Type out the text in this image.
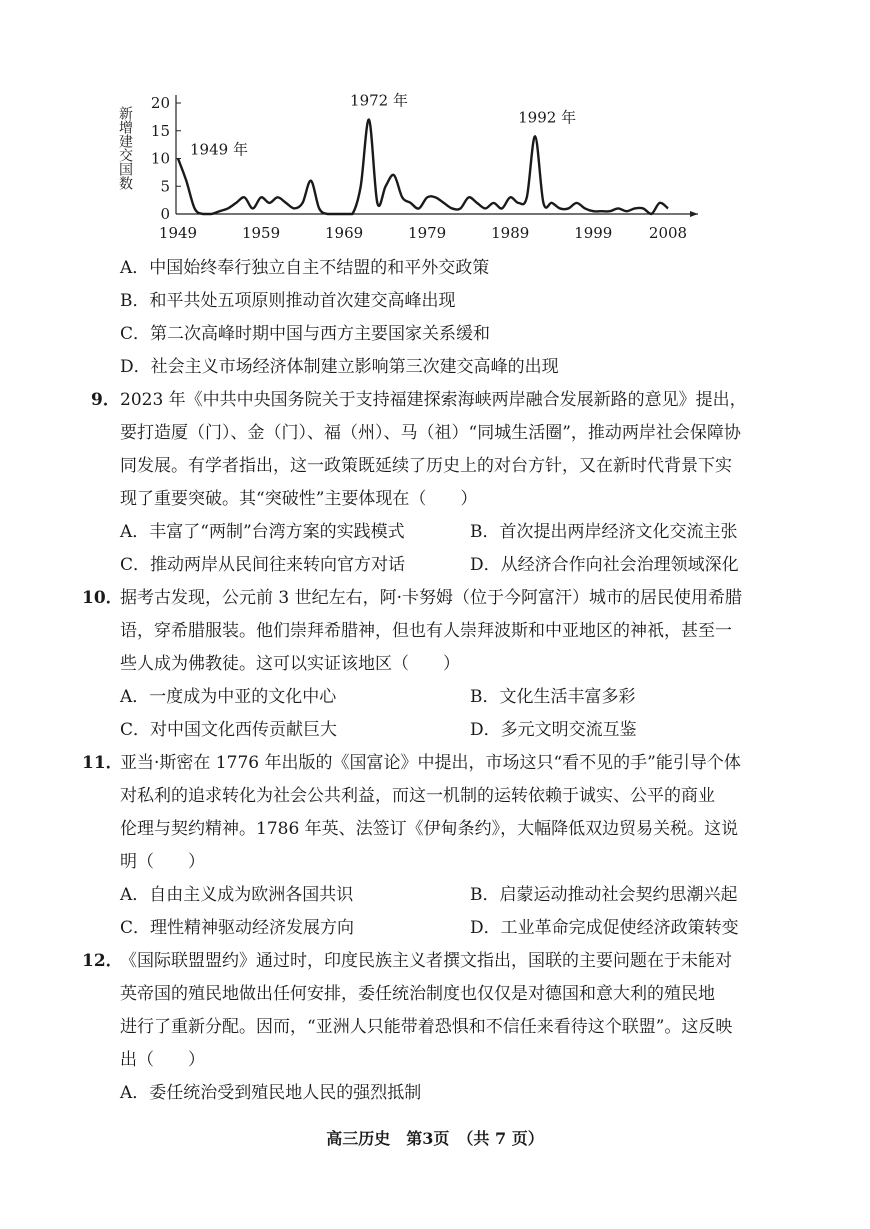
0
5
10
15
20
1949	1959	1969	1979	1989	1999 2008
1949 年
1972 年
1992 年
新增建交国数
A．中国始终奉行独立自主不结盟的和平外交政策
B．和平共处五项原则推动首次建交高峰出现
C．第二次高峰时期中国与西方主要国家关系缓和
D．社会主义市场经济体制建立影响第三次建交高峰的出现
9． 2023 年《中共中央国务院关于支持福建探索海峡两岸融合发展新路的意见》提出，
要打造厦（门）、金（门）、福（州）、马（祖）“同城生活圈”，推动两岸社会保障协
同发展。有学者指出，这一政策既延续了历史上的对台方针，又在新时代背景下实
现了重要突破。其“突破性”主要体现在（　　）
A．丰富了“两制”台湾方案的实践模式	B．首次提出两岸经济文化交流主张
C．推动两岸从民间往来转向官方对话	D．从经济合作向社会治理领域深化
10．
据考古发现，公元前 3 世纪左右，阿·卡努姆（位于今阿富汗）城市的居民使用希腊
语，穿希腊服装。他们崇拜希腊神，但也有人崇拜波斯和中亚地区的神祇，甚至一
些人成为佛教徒。这可以实证该地区（　　）
A．一度成为中亚的文化中心	B．文化生活丰富多彩
C．对中国文化西传贡献巨大	D．多元文明交流互鉴
11．
亚当·斯密在 1776 年出版的《国富论》中提出，市场这只“看不见的手”能引导个体
对私利的追求转化为社会公共利益，而这一机制的运转依赖于诚实、公平的商业
伦理与契约精神。1786 年英、法签订《伊甸条约》，大幅降低双边贸易关税。这说
明（　　）
A．自由主义成为欧洲各国共识	B．启蒙运动推动社会契约思潮兴起
C．理性精神驱动经济发展方向	D．工业革命完成促使经济政策转变
12．
《国际联盟盟约》通过时，印度民族主义者撰文指出，国联的主要问题在于未能对
英帝国的殖民地做出任何安排，委任统治制度也仅仅是对德国和意大利的殖民地
进行了重新分配。因而，“亚洲人只能带着恐惧和不信任来看待这个联盟”。这反映
出（　　）
A．委任统治受到殖民地人民的强烈抵制
高三历史　第3页　（共 7 页）
